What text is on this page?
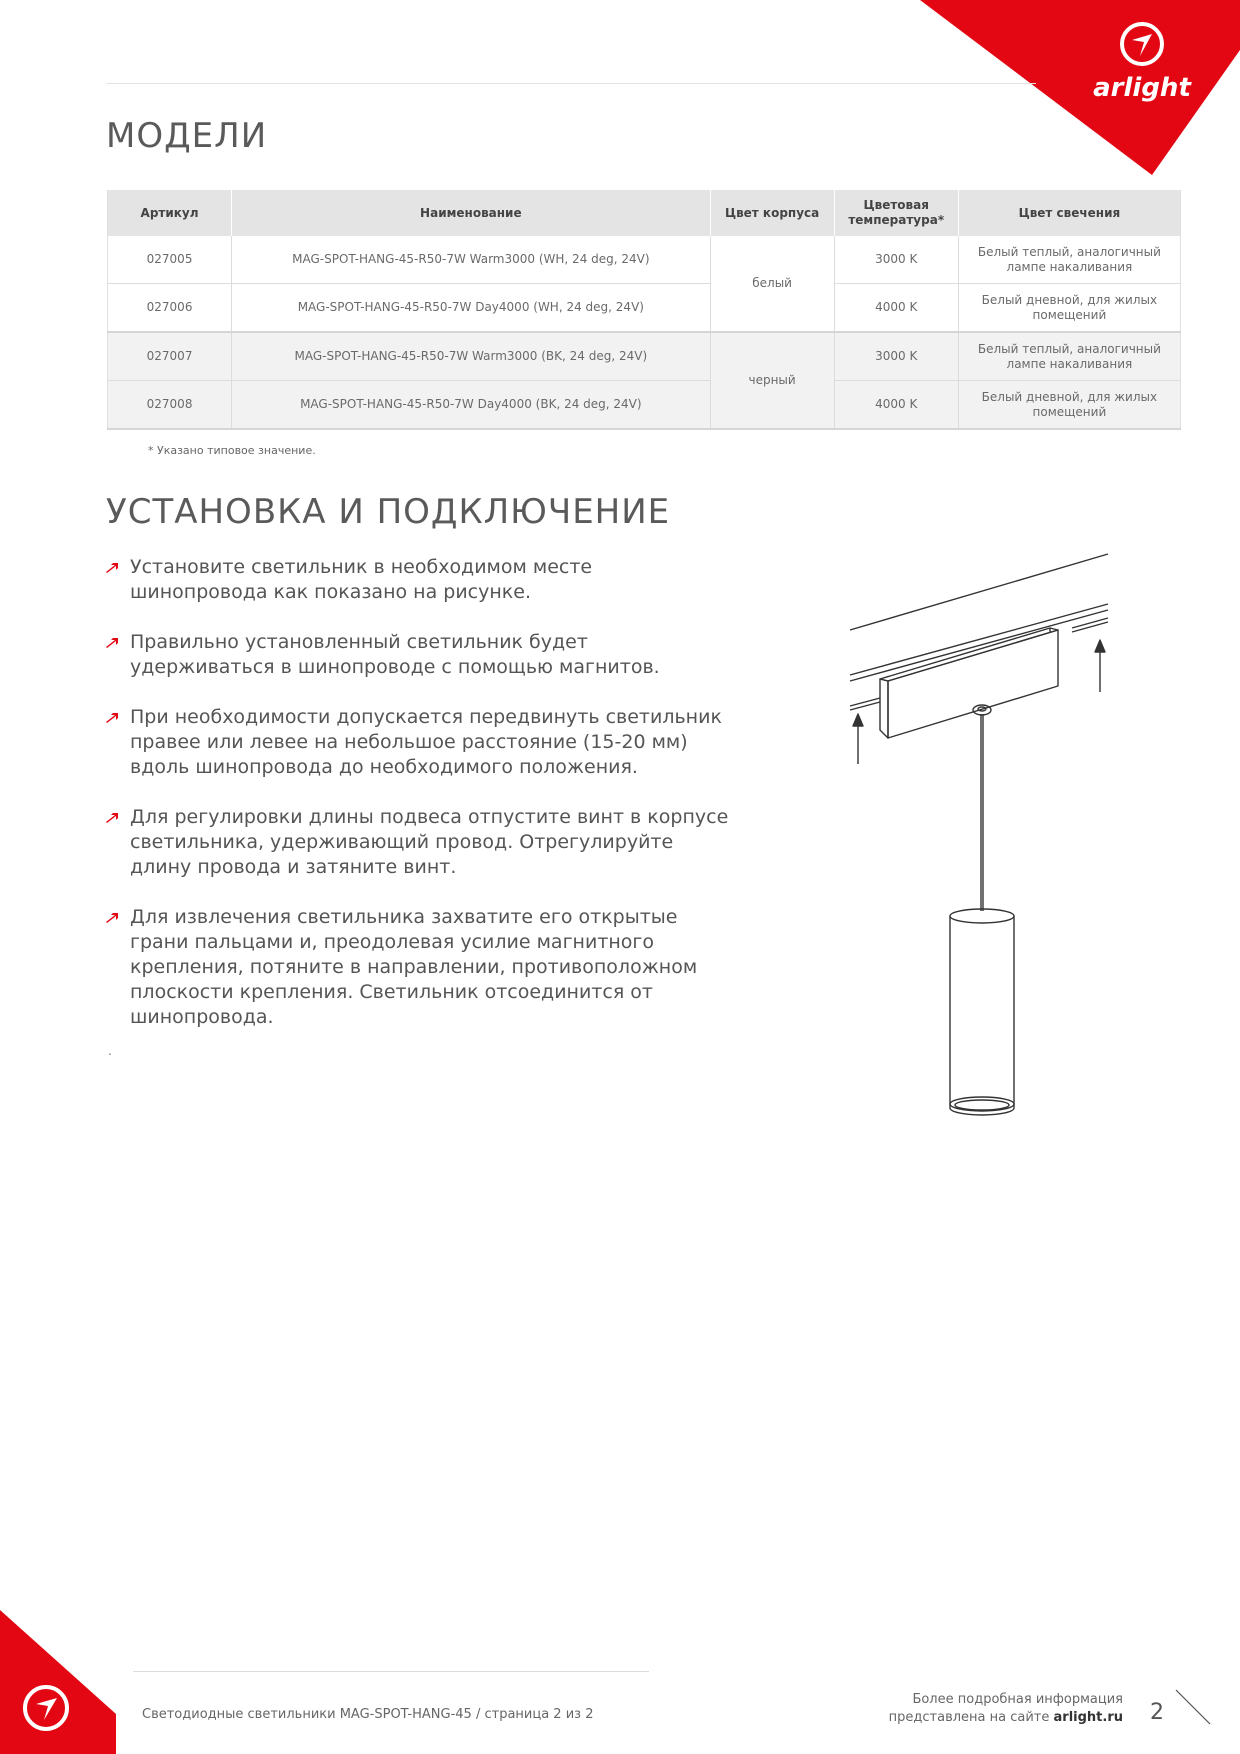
arlight
МОДЕЛИ
Артикул	Наименование	Цвет корпуса	Цветовая температура*	Цвет свечения
027005	MAG-SPOT-HANG-45-R50-7W Warm3000 (WH, 24 deg, 24V)	белый	3000 K	Белый теплый, аналогичный лампе накаливания
027006	MAG-SPOT-HANG-45-R50-7W Day4000 (WH, 24 deg, 24V)		4000 K	Белый дневной, для жилых помещений
027007	MAG-SPOT-HANG-45-R50-7W Warm3000 (BK, 24 deg, 24V)	черный	3000 K	Белый теплый, аналогичный лампе накаливания
027008	MAG-SPOT-HANG-45-R50-7W Day4000 (BK, 24 deg, 24V)		4000 K	Белый дневной, для жилых помещений
* Указано типовое значение.
УСТАНОВКА И ПОДКЛЮЧЕНИЕ
Установите светильник в необходимом месте шинопровода как показано на рисунке.
Правильно установленный светильник будет удерживаться в шинопроводе с помощью магнитов.
При необходимости допускается передвинуть светильник правее или левее на небольшое расстояние (15-20 мм) вдоль шинопровода до необходимого положения.
Для регулировки длины подвеса отпустите винт в корпусе светильника, удерживающий провод. Отрегулируйте длину провода и затяните винт.
Для извлечения светильника захватите его открытые грани пальцами и, преодолевая усилие магнитного крепления, потяните в направлении, противоположном плоскости крепления. Светильник отсоединится от шинопровода.
.
Светодиодные светильники MAG-SPOT-HANG-45 / страница 2 из 2
Более подробная информация
представлена на сайте arlight.ru 2
